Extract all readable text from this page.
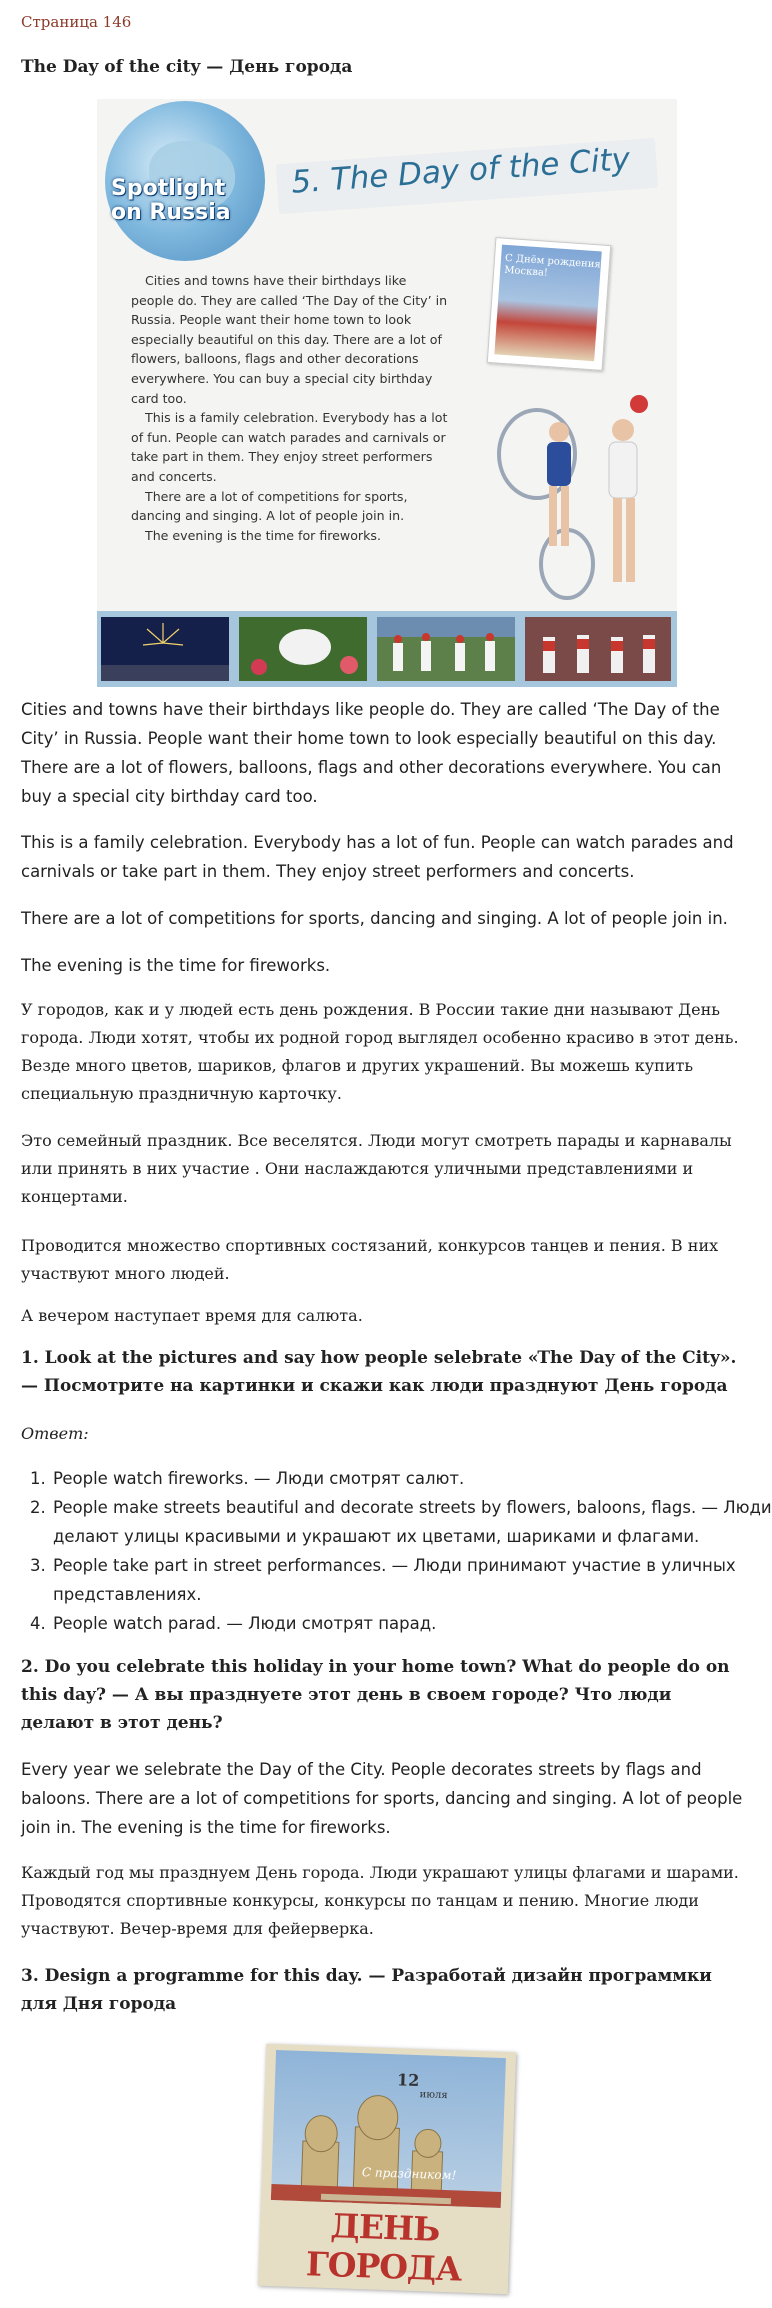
Страница 146
The Day of the city — День города
Spotlight
on Russia
5. The Day of the City

Cities and towns have their birthdays like people do. They are called ‘The Day of the City’ in Russia. People want their home town to look especially beautiful on this day. There are a lot of flowers, balloons, flags and other decorations everywhere. You can buy a special city birthday card too.

This is a family celebration. Everybody has a lot of fun. People can watch parades and carnivals or take part in them. They enjoy street performers and concerts.

There are a lot of competitions for sports, dancing and singing. A lot of people join in.

The evening is the time for fireworks.

С Днём рождения Москва!
Cities and towns have their birthdays like people do. They are called ‘The Day of the City’ in Russia. People want their home town to look especially beautiful on this day. There are a lot of flowers, balloons, flags and other decorations everywhere. You can buy a special city birthday card too.
This is a family celebration. Everybody has a lot of fun. People can watch parades and carnivals or take part in them. They enjoy street performers and concerts.
There are a lot of competitions for sports, dancing and singing. A lot of people join in.
The evening is the time for fireworks.
У городов, как и у людей есть день рождения. В России такие дни называют День города. Люди хотят, чтобы их родной город выглядел особенно красиво в этот день. Везде много цветов, шариков, флагов и других украшений. Вы можешь купить специальную праздничную карточку.
Это семейный праздник. Все веселятся. Люди могут смотреть парады и карнавалы или принять в них участие . Они наслаждаются уличными представлениями и концертами.
Проводится множество спортивных состязаний, конкурсов танцев и пения. В них участвуют много людей.
А вечером наступает время для салюта.
1. Look at the pictures and say how people selebrate «The Day of the City». — Посмотрите на картинки и скажи как люди празднуют День города
Ответ:
1. People watch fireworks. — Люди смотрят салют.
2. People make streets beautiful and decorate streets by flowers, baloons, flags. — Люди делают улицы красивыми и украшают их цветами, шариками и флагами.
3. People take part in street performances. — Люди принимают участие в уличных представлениях.
4. People watch parad. — Люди смотрят парад.
2. Do you celebrate this holiday in your home town? What do people do on this day? — А вы празднуете этот день в своем городе? Что люди делают в этот день?
Every year we selebrate the Day of the City. People decorates streets by flags and baloons. There are a lot of competitions for sports, dancing and singing. A lot of people join in. The evening is the time for fireworks.
Каждый год мы празднуем День города. Люди украшают улицы флагами и шарами. Проводятся спортивные конкурсы, конкурсы по танцам и пению. Многие люди участвуют. Вечер-время для фейерверка.
3. Design a programme for this day. — Разработай дизайн программки для Дня города
12
июля
С праздником!
ДЕНЬ ГОРОДА
